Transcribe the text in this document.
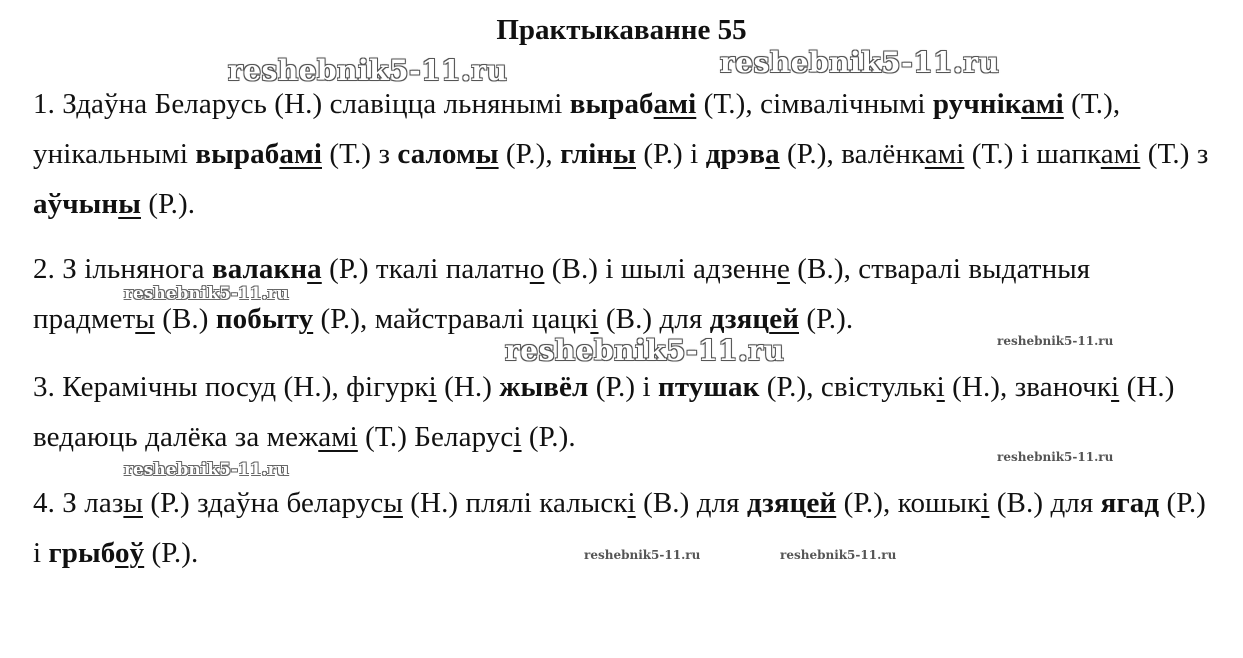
Практыкаванне 55
1. Здаўна Беларусь (Н.) славіцца льнянымі вырабамі (Т.), сімвалічнымі ручнікамі (Т.), унікальнымі вырабамі (Т.) з саломы (Р.), гліны (Р.) і дрэва (Р.), валёнкамі (Т.) і шапкамі (Т.) з аўчыны (Р.).
2. З ільнянога валакна (Р.) ткалі палатно (В.) і шылі адзенне (В.), стваралі выдатныя прадметы (В.) побыту (Р.), майстравалі цацкі (В.) для дзяцей (Р.).
3. Керамічны посуд (Н.), фігуркі (Н.) жывёл (Р.) і птушак (Р.), свістулькі (Н.), званочкі (Н.) ведаюць далёка за межамі (Т.) Беларусі (Р.).
4. З лазы (Р.) здаўна беларусы (Н.) плялі калыскі (В.) для дзяцей (Р.), кошыкі (В.) для ягад (Р.) і грыбоў (Р.).
reshebnik5-11.ru	reshebnik5-11.ru
reshebnik5-11.ru
reshebnik5-11.ru	reshebnik5-11.ru
reshebnik5-11.ru
reshebnik5-11.ru
reshebnik5-11.ru	reshebnik5-11.ru
